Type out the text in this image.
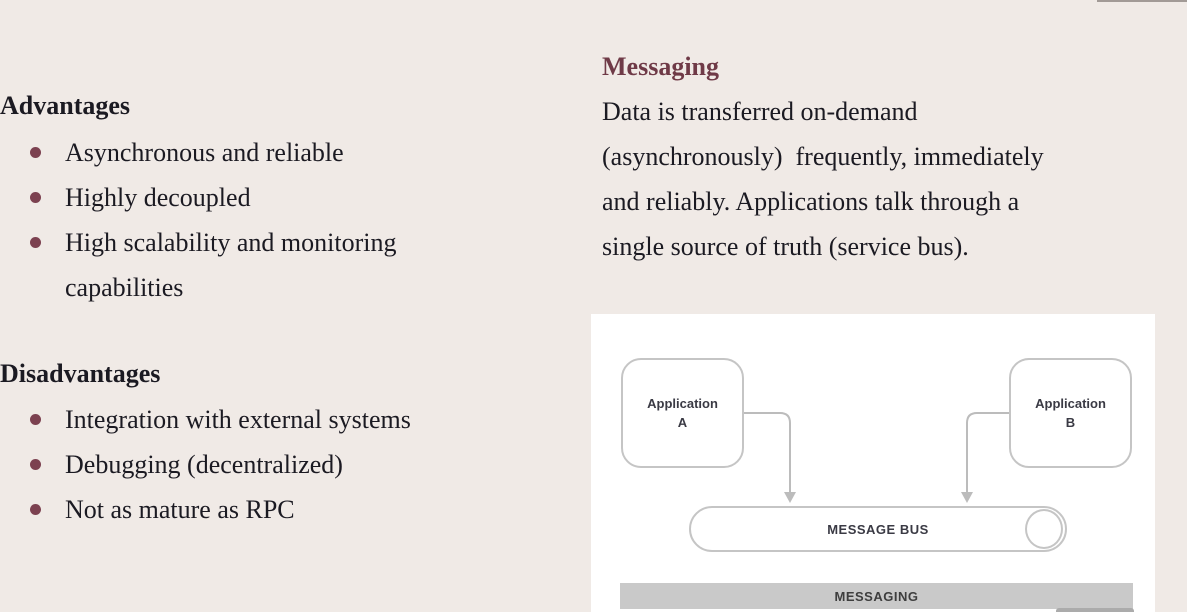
Advantages
Asynchronous and reliable
Highly decoupled
High scalability and monitoring
capabilities
Disadvantages
Integration with external systems
Debugging (decentralized)
Not as mature as RPC
Messaging
Data is transferred on-demand
(asynchronously)  frequently, immediately
and reliably. Applications talk through a
single source of truth (service bus).
Application
A
Application
B
MESSAGE BUS
MESSAGING
